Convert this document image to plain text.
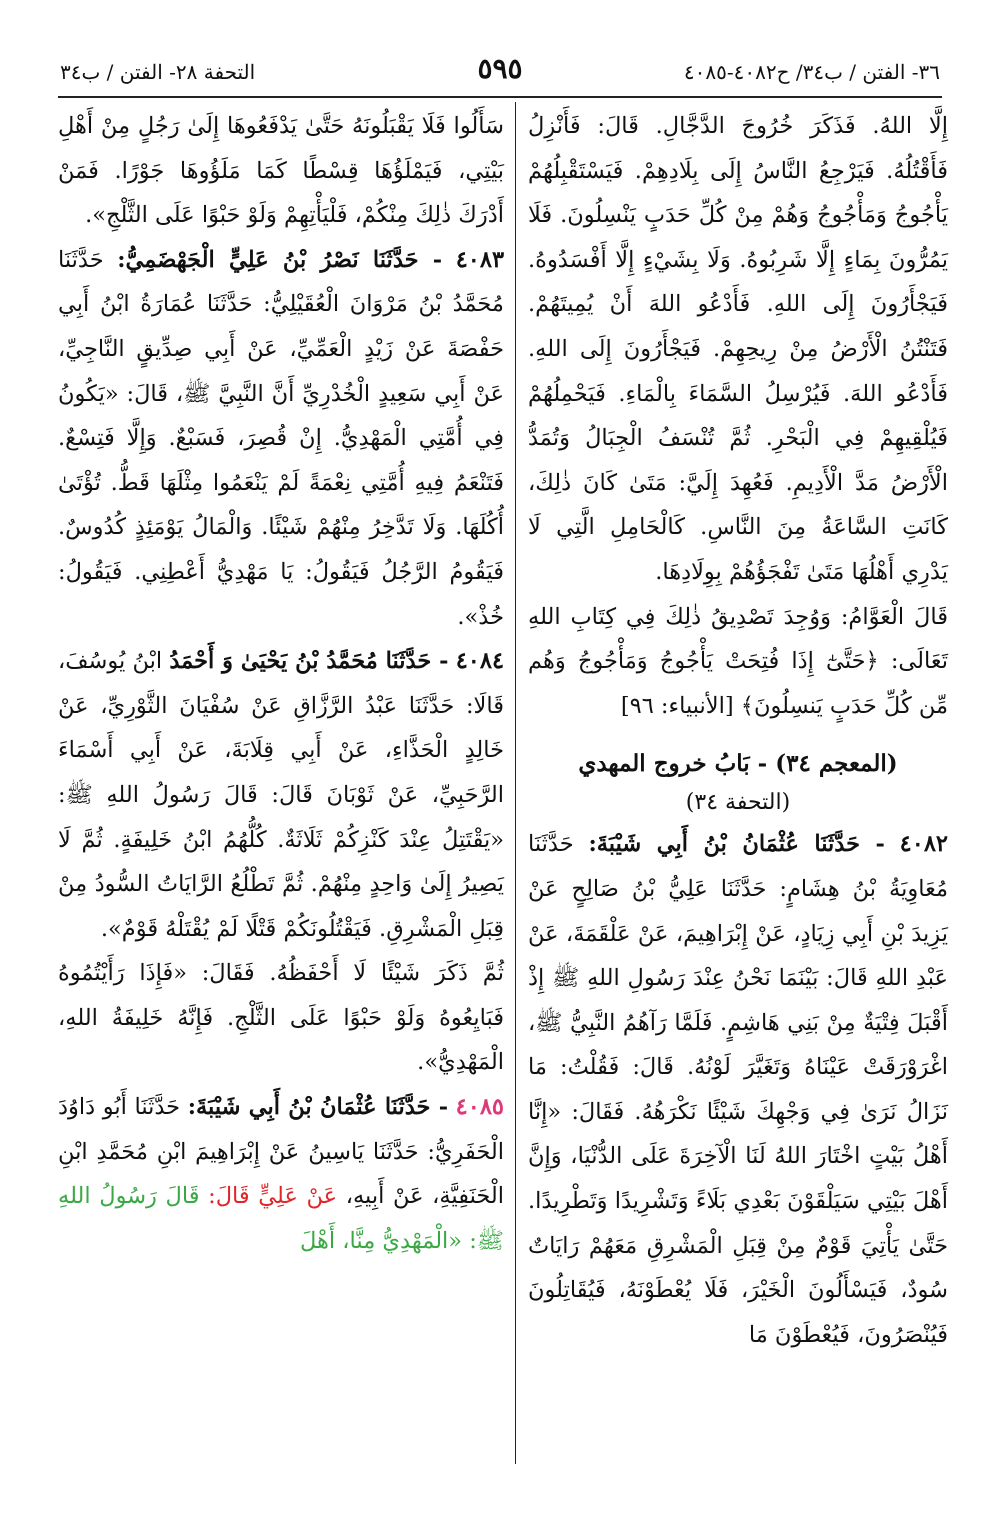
٣٦- الفتن / ب٣٤/ ح٤٠٨٢-٤٠٨٥
٥٩٥
التحفة ٢٨- الفتن / ب٣٤

إِلَّا اللهُ. فَذَكَرَ خُرُوجَ الدَّجَّالِ. قَالَ: فَأَنْزِلُ فَأَقْتُلُهُ. فَيَرْجِعُ النَّاسُ إِلَى بِلَادِهِمْ. فَيَسْتَقْبِلُهُمْ يَأْجُوجُ وَمَأْجُوجُ وَهُمْ مِنْ كُلِّ حَدَبٍ يَنْسِلُونَ. فَلَا يَمُرُّونَ بِمَاءٍ إِلَّا شَرِبُوهُ. وَلَا بِشَيْءٍ إِلَّا أَفْسَدُوهُ. فَيَجْأَرُونَ إِلَى اللهِ. فَأَدْعُو اللهَ أَنْ يُمِيتَهُمْ. فَتَنْتُنُ الْأَرْضُ مِنْ رِيحِهِمْ. فَيَجْأَرُونَ إِلَى اللهِ. فَأَدْعُو اللهَ. فَيُرْسِلُ السَّمَاءَ بِالْمَاءِ. فَيَحْمِلُهُمْ فَيُلْقِيهِمْ فِي الْبَحْرِ. ثُمَّ تُنْسَفُ الْجِبَالُ وَتُمَدُّ الْأَرْضُ مَدَّ الْأَدِيمِ. فَعُهِدَ إِلَيَّ: مَتَىٰ كَانَ ذٰلِكَ، كَانَتِ السَّاعَةُ مِنَ النَّاسِ. كَالْحَامِلِ الَّتِي لَا يَدْرِي أَهْلُهَا مَتَىٰ تَفْجَؤُهُمْ بِوِلَادِهَا.

قَالَ الْعَوَّامُ: وَوُجِدَ تَصْدِيقُ ذٰلِكَ فِي كِتَابِ اللهِ تَعَالَى: ﴿حَتَّىٰٓ إِذَا فُتِحَتْ يَأْجُوجُ وَمَأْجُوجُ وَهُم مِّن كُلِّ حَدَبٍ يَنسِلُونَ﴾ [الأنبياء: ٩٦]

(المعجم ٣٤) - بَابُ خروج المهدي
(التحفة ٣٤)

٤٠٨٢ - حَدَّثَنَا عُثْمَانُ بْنُ أَبِي شَيْبَةَ: حَدَّثَنَا مُعَاوِيَةُ بْنُ هِشَامٍ: حَدَّثَنَا عَلِيُّ بْنُ صَالِحٍ عَنْ يَزِيدَ بْنِ أَبِي زِيَادٍ، عَنْ إِبْرَاهِيمَ، عَنْ عَلْقَمَةَ، عَنْ عَبْدِ اللهِ قَالَ: بَيْنَمَا نَحْنُ عِنْدَ رَسُولِ اللهِ ﷺ إِذْ أَقْبَلَ فِتْيَةٌ مِنْ بَنِي هَاشِمٍ. فَلَمَّا رَآهُمُ النَّبِيُّ ﷺ، اغْرَوْرَقَتْ عَيْنَاهُ وَتَغَيَّرَ لَوْنُهُ. قَالَ: فَقُلْتُ: مَا نَزَالُ نَرَىٰ فِي وَجْهِكَ شَيْئًا نَكْرَهُهُ. فَقَالَ: «إِنَّا أَهْلُ بَيْتٍ اخْتَارَ اللهُ لَنَا الْآخِرَةَ عَلَى الدُّنْيَا، وَإِنَّ أَهْلَ بَيْتِي سَيَلْقَوْنَ بَعْدِي بَلَاءً وَتَشْرِيدًا وَتَطْرِيدًا. حَتَّىٰ يَأْتِيَ قَوْمٌ مِنْ قِبَلِ الْمَشْرِقِ مَعَهُمْ رَايَاتٌ سُودٌ، فَيَسْأَلُونَ الْخَيْرَ، فَلَا يُعْطَوْنَهُ، فَيُقَاتِلُونَ فَيُنْصَرُونَ، فَيُعْطَوْنَ مَا

سَأَلُوا فَلَا يَقْبَلُونَهُ حَتَّىٰ يَدْفَعُوهَا إِلَىٰ رَجُلٍ مِنْ أَهْلِ بَيْتِي، فَيَمْلَؤُهَا قِسْطًا كَمَا مَلَؤُوهَا جَوْرًا. فَمَنْ أَدْرَكَ ذٰلِكَ مِنْكُمْ، فَلْيَأْتِهِمْ وَلَوْ حَبْوًا عَلَى الثَّلْجِ».

٤٠٨٣ - حَدَّثَنَا نَصْرُ بْنُ عَلِيٍّ الْجَهْضَمِيُّ: حَدَّثَنَا مُحَمَّدُ بْنُ مَرْوَانَ الْعُقَيْلِيُّ: حَدَّثَنَا عُمَارَةُ ابْنُ أَبِي حَفْصَةَ عَنْ زَيْدٍ الْعَمِّيِّ، عَنْ أَبِي صِدِّيقٍ النَّاجِيِّ، عَنْ أَبِي سَعِيدٍ الْخُدْرِيِّ أَنَّ النَّبِيَّ ﷺ، قَالَ: «يَكُونُ فِي أُمَّتِي الْمَهْدِيُّ. إِنْ قُصِرَ، فَسَبْعٌ. وَإِلَّا فَتِسْعٌ. فَتَنْعَمُ فِيهِ أُمَّتِي نِعْمَةً لَمْ يَنْعَمُوا مِثْلَهَا قَطُّ. تُؤْتَىٰ أُكُلَهَا. وَلَا تَدَّخِرُ مِنْهُمْ شَيْئًا. وَالْمَالُ يَوْمَئِذٍ كُدُوسٌ. فَيَقُومُ الرَّجُلُ فَيَقُولُ: يَا مَهْدِيُّ أَعْطِنِي. فَيَقُولُ: خُذْ».

٤٠٨٤ - حَدَّثَنَا مُحَمَّدُ بْنُ يَحْيَىٰ وَ أَحْمَدُ ابْنُ يُوسُفَ، قَالَا: حَدَّثَنَا عَبْدُ الرَّزَّاقِ عَنْ سُفْيَانَ الثَّوْرِيِّ، عَنْ خَالِدٍ الْحَذَّاءِ، عَنْ أَبِي قِلَابَةَ، عَنْ أَبِي أَسْمَاءَ الرَّحَبِيِّ، عَنْ ثَوْبَانَ قَالَ: قَالَ رَسُولُ اللهِ ﷺ: «يَقْتَتِلُ عِنْدَ كَنْزِكُمْ ثَلَاثَةٌ. كُلُّهُمُ ابْنُ خَلِيفَةٍ. ثُمَّ لَا يَصِيرُ إِلَىٰ وَاحِدٍ مِنْهُمْ. ثُمَّ تَطْلُعُ الرَّايَاتُ السُّودُ مِنْ قِبَلِ الْمَشْرِقِ. فَيَقْتُلُونَكُمْ قَتْلًا لَمْ يُقْتَلْهُ قَوْمٌ».

ثُمَّ ذَكَرَ شَيْئًا لَا أَحْفَظُهُ. فَقَالَ: «فَإِذَا رَأَيْتُمُوهُ فَبَايِعُوهُ وَلَوْ حَبْوًا عَلَى الثَّلْجِ. فَإِنَّهُ خَلِيفَةُ اللهِ، الْمَهْدِيُّ».

٤٠٨٥ - حَدَّثَنَا عُثْمَانُ بْنُ أَبِي شَيْبَةَ: حَدَّثَنَا أَبُو دَاوُدَ الْحَفَرِيُّ: حَدَّثَنَا يَاسِينُ عَنْ إِبْرَاهِيمَ ابْنِ مُحَمَّدِ ابْنِ الْحَنَفِيَّةِ، عَنْ أَبِيهِ، عَنْ عَلِيٍّ قَالَ: قَالَ رَسُولُ اللهِ ﷺ: «الْمَهْدِيُّ مِنَّا، أَهْلَ
